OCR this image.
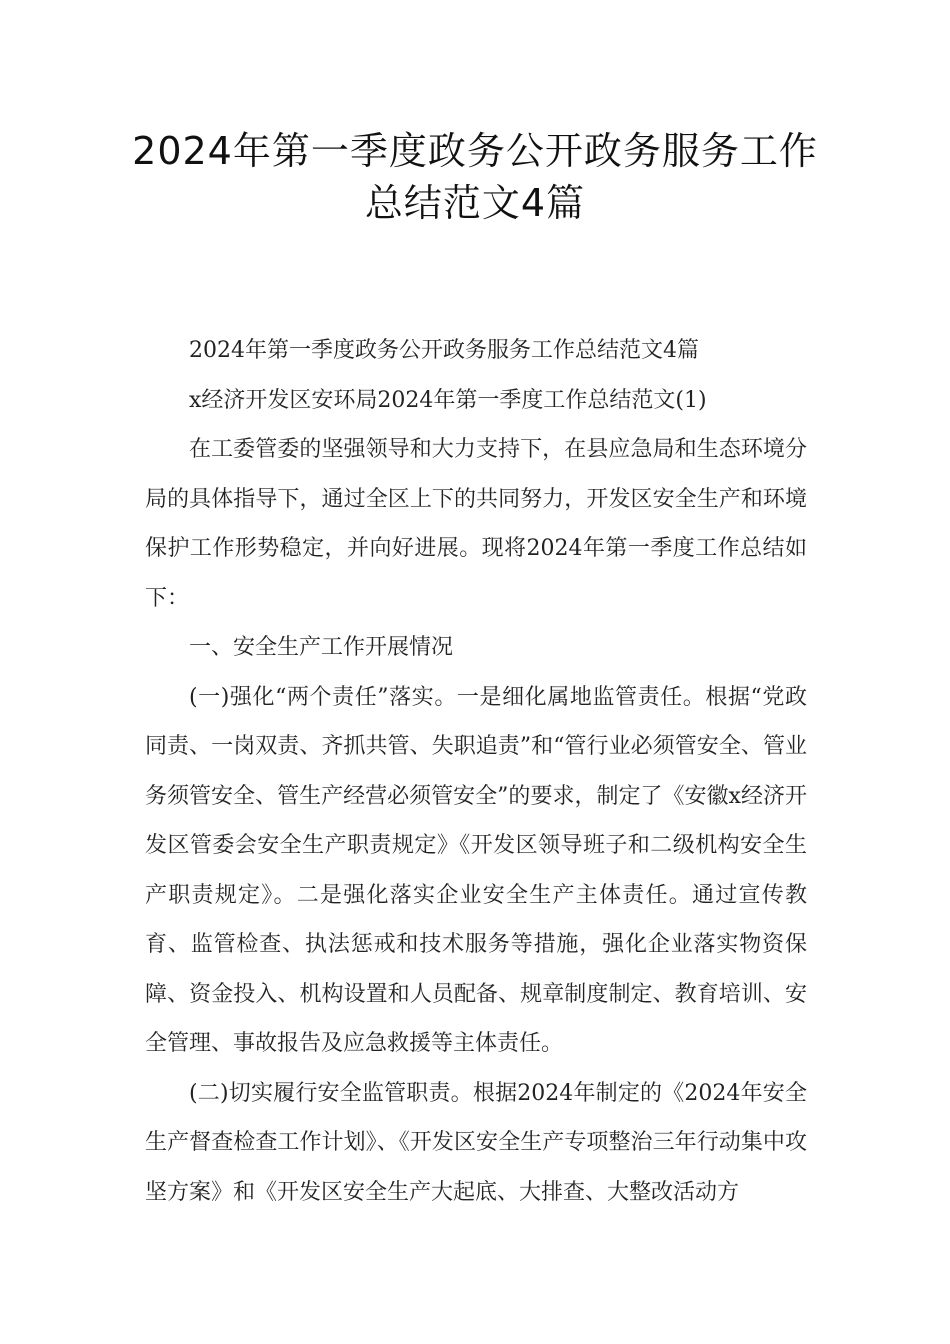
2024年第一季度政务公开政务服务工作
总结范文4篇

2024年第一季度政务公开政务服务工作总结范文4篇

x经济开发区安环局2024年第一季度工作总结范文(1)

在工委管委的坚强领导和大力支持下，在县应急局和生态环境分局的具体指导下，通过全区上下的共同努力，开发区安全生产和环境保护工作形势稳定，并向好进展。现将2024年第一季度工作总结如下：

一、安全生产工作开展情况

(一)强化“两个责任”落实。一是细化属地监管责任。根据“党政同责、一岗双责、齐抓共管、失职追责”和“管行业必须管安全、管业务须管安全、管生产经营必须管安全”的要求，制定了《安徽x经济开发区管委会安全生产职责规定》《开发区领导班子和二级机构安全生产职责规定》。二是强化落实企业安全生产主体责任。通过宣传教育、监管检查、执法惩戒和技术服务等措施，强化企业落实物资保障、资金投入、机构设置和人员配备、规章制度制定、教育培训、安全管理、事故报告及应急救援等主体责任。

(二)切实履行安全监管职责。根据2024年制定的《2024年安全生产督查检查工作计划》、《开发区安全生产专项整治三年行动集中攻坚方案》和《开发区安全生产大起底、大排查、大整改活动方
